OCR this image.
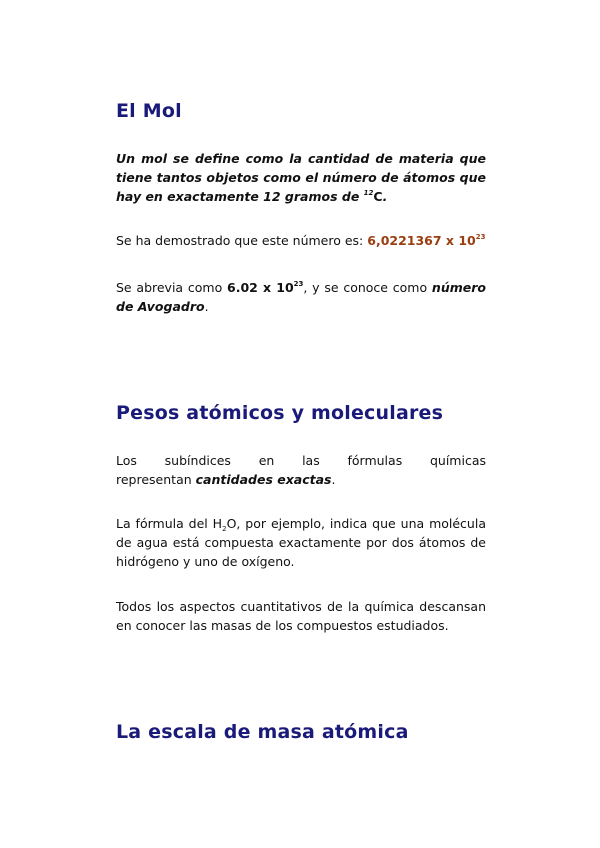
El Mol

Un mol se define como la cantidad de materia que tiene tantos objetos como el número de átomos que hay en exactamente 12 gramos de $^{12}$C.

Se ha demostrado que este número es: 6,0221367 x $10^{23}$

Se abrevia como 6.02 x $10^{23}$, y se conoce como número de Avogadro.

Pesos atómicos y moleculares

Los subíndices en las fórmulas químicas
representan cantidades exactas.

La fórmula del $H_2O$, por ejemplo, indica que una molécula de agua está compuesta exactamente por dos átomos de hidrógeno y uno de oxígeno.

Todos los aspectos cuantitativos de la química descansan en conocer las masas de los compuestos estudiados.

La escala de masa atómica
